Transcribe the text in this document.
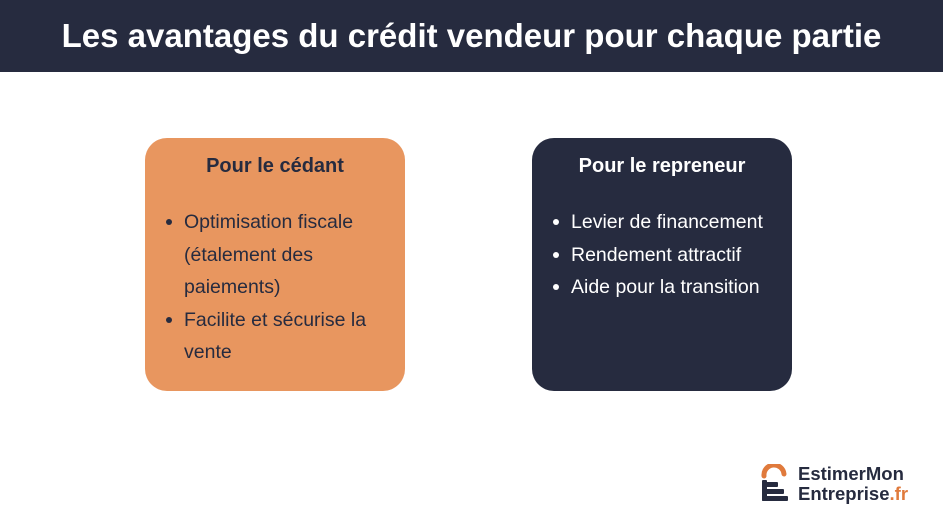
Les avantages du crédit vendeur pour chaque partie
Pour le cédant
Optimisation fiscale (étalement des paiements)
Facilite et sécurise la vente
Pour le repreneur
Levier de financement
Rendement attractif
Aide pour la transition
EstimerMon
Entreprise.fr
